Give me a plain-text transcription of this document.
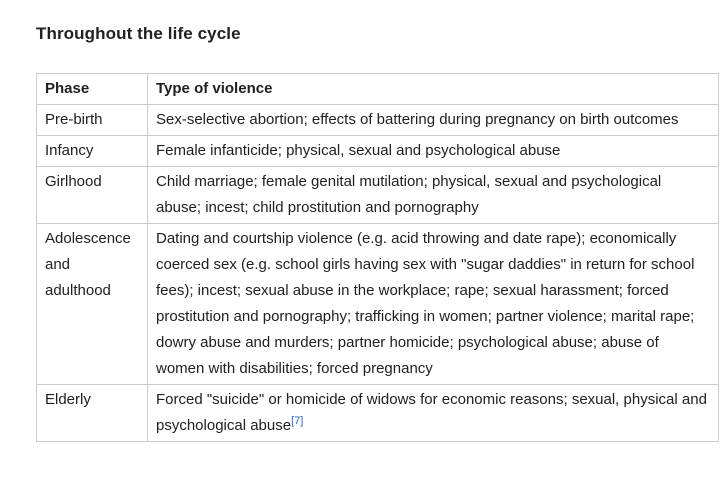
Throughout the life cycle
Phase	Type of violence
Pre-birth	Sex-selective abortion; effects of battering during pregnancy on birth outcomes
Infancy	Female infanticide; physical, sexual and psychological abuse
Girlhood	Child marriage; female genital mutilation; physical, sexual and psychological abuse; incest; child prostitution and pornography
Adolescence and adulthood	Dating and courtship violence (e.g. acid throwing and date rape); economically coerced sex (e.g. school girls having sex with "sugar daddies" in return for school fees); incest; sexual abuse in the workplace; rape; sexual harassment; forced prostitution and pornography; trafficking in women; partner violence; marital rape; dowry abuse and murders; partner homicide; psychological abuse; abuse of women with disabilities; forced pregnancy
Elderly	Forced "suicide" or homicide of widows for economic reasons; sexual, physical and psychological abuse[7]
